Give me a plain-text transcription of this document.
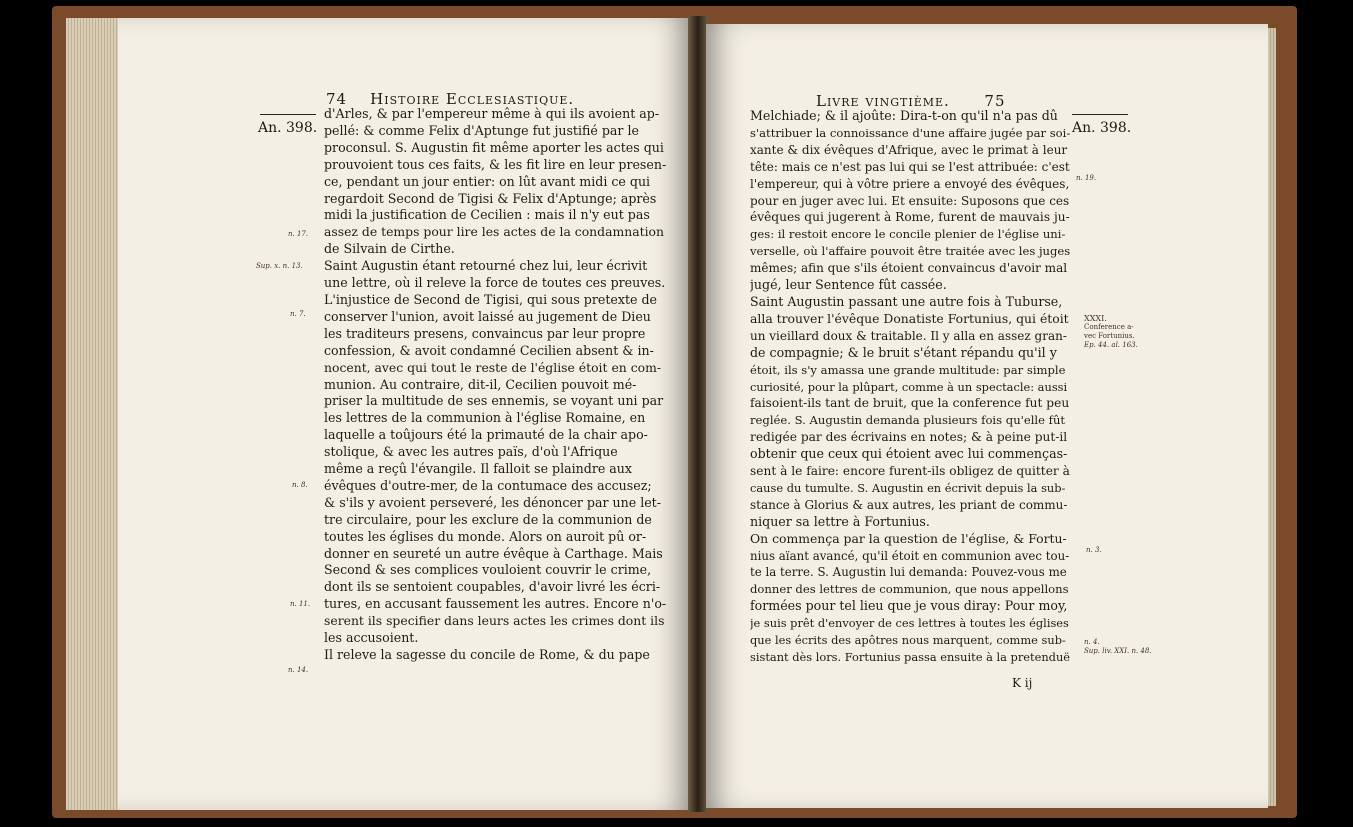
74 Histoire Ecclesiastique.
An. 398.
n. 17.
Sup. x. n. 13.
n. 7.
n. 8.
n. 11.
n. 14.
d'Arles, & par l'empereur même à qui ils avoient ap-
pellé: & comme Felix d'Aptunge fut justifié par le
proconsul. S. Augustin fit même aporter les actes qui
prouvoient tous ces faits, & les fit lire en leur presen-
ce, pendant un jour entier: on lût avant midi ce qui
regardoit Second de Tigisi & Felix d'Aptunge; après
midi la justification de Cecilien : mais il n'y eut pas
assez de temps pour lire les actes de la condamnation
de Silvain de Cirthe.
Saint Augustin étant retourné chez lui, leur écrivit
une lettre, où il releve la force de toutes ces preuves.
L'injustice de Second de Tigisi, qui sous pretexte de
conserver l'union, avoit laissé au jugement de Dieu
les traditeurs presens, convaincus par leur propre
confession, & avoit condamné Cecilien absent & in-
nocent, avec qui tout le reste de l'église étoit en com-
munion. Au contraire, dit-il, Cecilien pouvoit mé-
priser la multitude de ses ennemis, se voyant uni par
les lettres de la communion à l'église Romaine, en
laquelle a toûjours été la primauté de la chair apo-
stolique, & avec les autres païs, d'où l'Afrique
même a reçû l'évangile. Il falloit se plaindre aux
évêques d'outre-mer, de la contumace des accusez;
& s'ils y avoient perseveré, les dénoncer par une let-
tre circulaire, pour les exclure de la communion de
toutes les églises du monde. Alors on auroit pû or-
donner en seureté un autre évêque à Carthage. Mais
Second & ses complices vouloient couvrir le crime,
dont ils se sentoient coupables, d'avoir livré les écri-
tures, en accusant faussement les autres. Encore n'o-
serent ils specifier dans leurs actes les crimes dont ils
les accusoient.
Il releve la sagesse du concile de Rome, & du pape
Livre vingtième. 75
An. 398.
n. 19.
XXXI.
Conference a-
vec Fortunius.
Ep. 44. al. 163.
n. 3.
n. 4.
Sup. liv. XXI. n. 48.
Melchiade; & il ajoûte: Dira-t-on qu'il n'a pas dû
s'attribuer la connoissance d'une affaire jugée par soi-
xante & dix évêques d'Afrique, avec le primat à leur
tête: mais ce n'est pas lui qui se l'est attribuée: c'est
l'empereur, qui à vôtre priere a envoyé des évêques,
pour en juger avec lui. Et ensuite: Suposons que ces
évêques qui jugerent à Rome, furent de mauvais ju-
ges: il restoit encore le concile plenier de l'église uni-
verselle, où l'affaire pouvoit être traitée avec les juges
mêmes; afin que s'ils étoient convaincus d'avoir mal
jugé, leur Sentence fût cassée.
Saint Augustin passant une autre fois à Tuburse,
alla trouver l'évêque Donatiste Fortunius, qui étoit
un vieillard doux & traitable. Il y alla en assez gran-
de compagnie; & le bruit s'étant répandu qu'il y
étoit, ils s'y amassa une grande multitude: par simple
curiosité, pour la plûpart, comme à un spectacle: aussi
faisoient-ils tant de bruit, que la conference fut peu
reglée. S. Augustin demanda plusieurs fois qu'elle fût
redigée par des écrivains en notes; & à peine put-il
obtenir que ceux qui étoient avec lui commenças-
sent à le faire: encore furent-ils obligez de quitter à
cause du tumulte. S. Augustin en écrivit depuis la sub-
stance à Glorius & aux autres, les priant de commu-
niquer sa lettre à Fortunius.
On commença par la question de l'église, & Fortu-
nius aïant avancé, qu'il étoit en communion avec tou-
te la terre. S. Augustin lui demanda: Pouvez-vous me
donner des lettres de communion, que nous appellons
formées pour tel lieu que je vous diray: Pour moy,
je suis prêt d'envoyer de ces lettres à toutes les églises
que les écrits des apôtres nous marquent, comme sub-
sistant dès lors. Fortunius passa ensuite à la pretenduë
K ij
